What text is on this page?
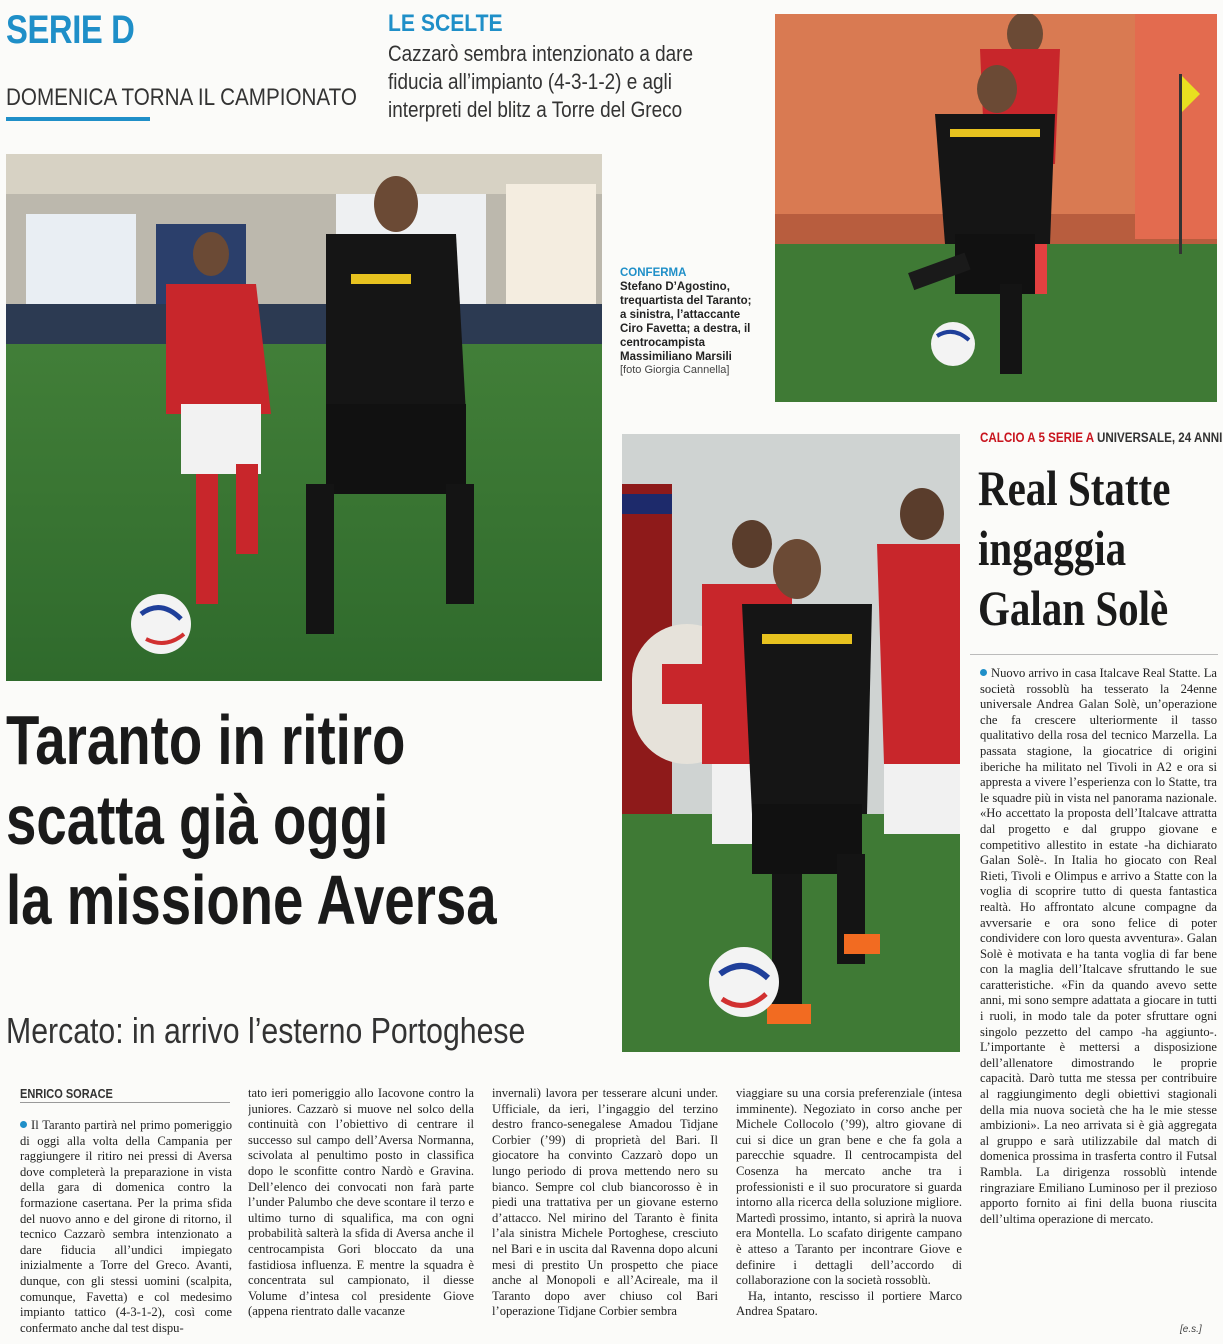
SERIE D
DOMENICA TORNA IL CAMPIONATO
LE SCELTE
Cazzarò sembra intenzionato a dare fiducia all’impianto (4-3-1-2) e agli interpreti del blitz a Torre del Greco
CONFERMA
Stefano D’Agostino, trequartista del Taranto; a sinistra, l’attaccante Ciro Favetta; a destra, il centrocampista Massimiliano Marsili
[foto Giorgia Cannella]
Taranto in ritiro
scatta già oggi
la missione Aversa
Mercato: in arrivo l’esterno Portoghese
ENRICO SORACE
Il Taranto partirà nel primo pomeriggio di oggi alla volta della Campania per raggiungere il ritiro nei pressi di Aversa dove completerà la preparazione in vista della gara di domenica contro la formazione casertana. Per la prima sfida del nuovo anno e del girone di ritorno, il tecnico Cazzarò sembra intenzionato a dare fiducia all’undici impiegato inizialmente a Torre del Greco. Avanti, dunque, con gli stessi uomini (scalpita, comunque, Favetta) e col medesimo impianto tattico (4-3-1-2), così come confermato anche dal test dispu-
tato ieri pomeriggio allo Iacovone contro la juniores. Cazzarò si muove nel solco della continuità con l’obiettivo di centrare il successo sul campo dell’Aversa Normanna, scivolata al penultimo posto in classifica dopo le sconfitte contro Nardò e Gravina. Dell’elenco dei convocati non farà parte l’under Palumbo che deve scontare il terzo e ultimo turno di squalifica, ma con ogni probabilità salterà la sfida di Aversa anche il centrocampista Gori bloccato da una fastidiosa influenza. E mentre la squadra è concentrata sul campionato, il diesse Volume d’intesa col presidente Giove (appena rientrato dalle vacanze
invernali) lavora per tesserare alcuni under. Ufficiale, da ieri, l’ingaggio del terzino destro franco-senegalese Amadou Tidjane Corbier (’99) di proprietà del Bari. Il giocatore ha convinto Cazzarò dopo un lungo periodo di prova mettendo nero su bianco. Sempre col club biancorosso è in piedi una trattativa per un giovane esterno d’attacco. Nel mirino del Taranto è finita l’ala sinistra Michele Portoghese, cresciuto nel Bari e in uscita dal Ravenna dopo alcuni mesi di prestito Un prospetto che piace anche al Monopoli e all’Acireale, ma il Taranto dopo aver chiuso col Bari l’operazione Tidjane Corbier sembra
viaggiare su una corsia preferenziale (intesa imminente). Negoziato in corso anche per Michele Collocolo (’99), altro giovane di cui si dice un gran bene e che fa gola a parecchie squadre. Il centrocampista del Cosenza ha mercato anche tra i professionisti e il suo procuratore si guarda intorno alla ricerca della soluzione migliore. Martedì prossimo, intanto, si aprirà la nuova era Montella. Lo scafato dirigente campano è atteso a Taranto per incontrare Giove e definire i dettagli dell’accordo di collaborazione con la società rossoblù.
Ha, intanto, rescisso il portiere Marco Andrea Spataro.
CALCIO A 5 SERIE A UNIVERSALE, 24 ANNI
Real Statte
ingaggia
Galan Solè
Nuovo arrivo in casa Italcave Real Statte. La società rossoblù ha tesserato la 24enne universale Andrea Galan Solè, un’operazione che fa crescere ulteriormente il tasso qualitativo della rosa del tecnico Marzella. La passata stagione, la giocatrice di origini iberiche ha militato nel Tivoli in A2 e ora si appresta a vivere l’esperienza con lo Statte, tra le squadre più in vista nel panorama nazionale. «Ho accettato la proposta dell’Italcave attratta dal progetto e dal gruppo giovane e competitivo allestito in estate -ha dichiarato Galan Solè-. In Italia ho giocato con Real Rieti, Tivoli e Olimpus e arrivo a Statte con la voglia di scoprire tutto di questa fantastica realtà. Ho affrontato alcune compagne da avversarie e ora sono felice di poter condividere con loro questa avventura». Galan Solè è motivata e ha tanta voglia di far bene con la maglia dell’Italcave sfruttando le sue caratteristiche. «Fin da quando avevo sette anni, mi sono sempre adattata a giocare in tutti i ruoli, in modo tale da poter sfruttare ogni singolo pezzetto del campo -ha aggiunto-. L’importante è mettersi a disposizione dell’allenatore dimostrando le proprie capacità. Darò tutta me stessa per contribuire al raggiungimento degli obiettivi stagionali della mia nuova società che ha le mie stesse ambizioni». La neo arrivata si è già aggregata al gruppo e sarà utilizzabile dal match di domenica prossima in trasferta contro il Futsal Rambla. La dirigenza rossoblù intende ringraziare Emiliano Luminoso per il prezioso apporto fornito ai fini della buona riuscita dell’ultima operazione di mercato.
[e.s.]
